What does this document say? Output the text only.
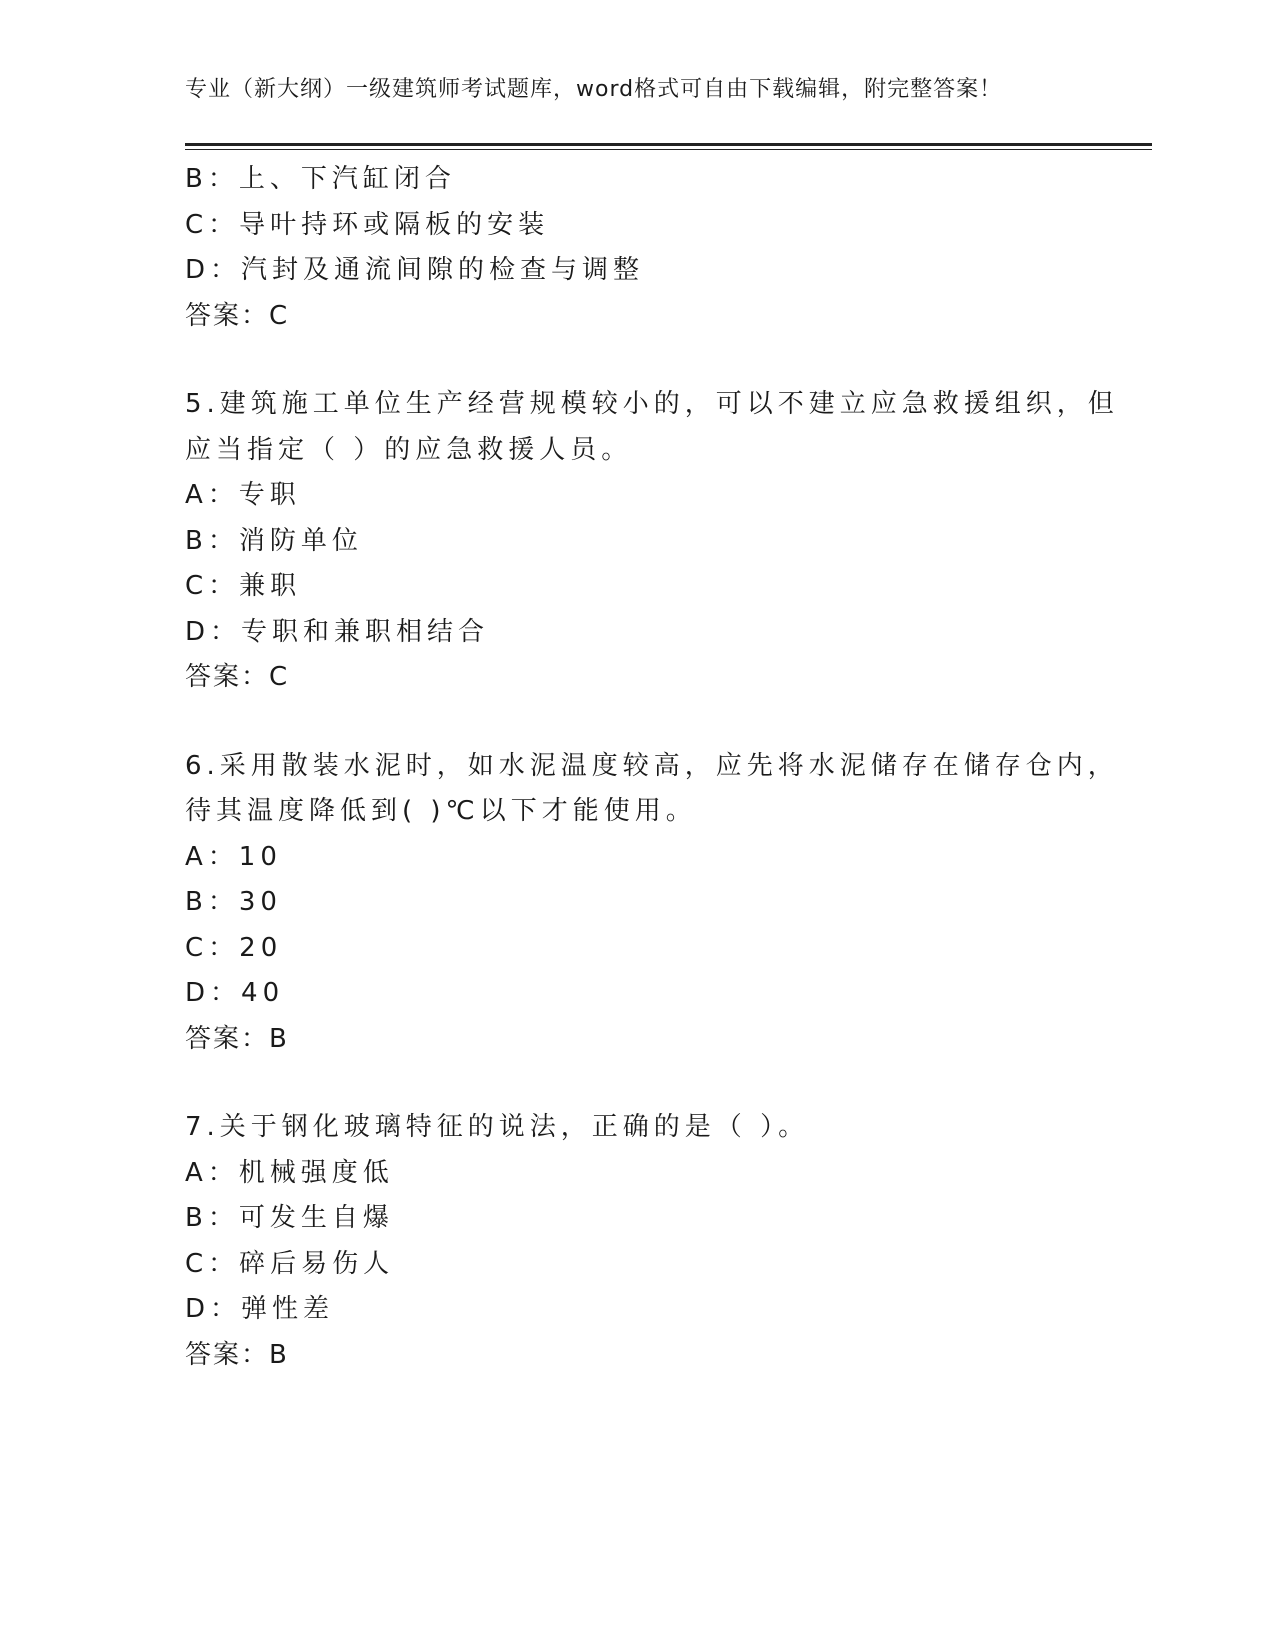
专业（新大纲）一级建筑师考试题库，word格式可自由下载编辑，附完整答案！
B：上、下汽缸闭合
C：导叶持环或隔板的安装
D：汽封及通流间隙的检查与调整
答案：C
5.建筑施工单位生产经营规模较小的，可以不建立应急救援组织，但
应当指定（ ）的应急救援人员。
A：专职
B：消防单位
C：兼职
D：专职和兼职相结合
答案：C
6.采用散装水泥时，如水泥温度较高，应先将水泥储存在储存仓内，
待其温度降低到( )℃以下才能使用。
A：10
B：30
C：20
D：40
答案：B
7.关于钢化玻璃特征的说法，正确的是（ ）。
A：机械强度低
B：可发生自爆
C：碎后易伤人
D：弹性差
答案：B
